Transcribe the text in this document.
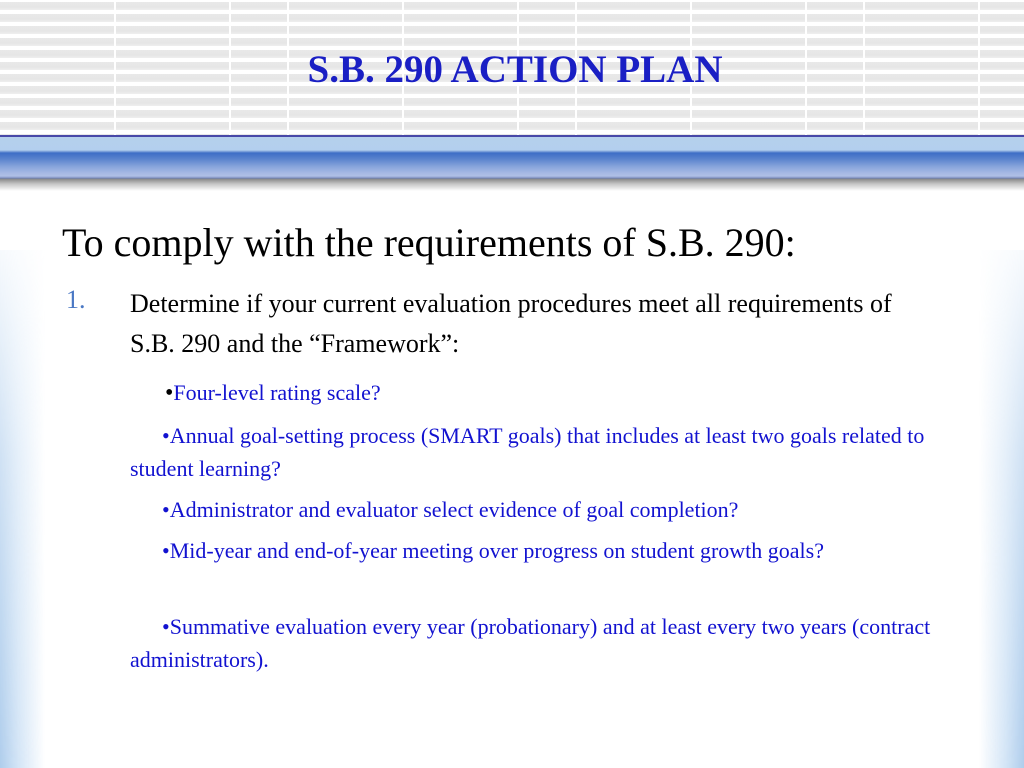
S.B. 290 ACTION PLAN

To comply with the requirements of S.B. 290:

1. Determine if your current evaluation procedures meet all requirements of S.B. 290 and the “Framework”:

•Four-level rating scale?

•Annual goal-setting process (SMART goals) that includes at least two goals related to student learning?

•Administrator and evaluator select evidence of goal completion?

•Mid-year and end-of-year meeting over progress on student growth goals?

•Summative evaluation every year (probationary) and at least every two years (contract administrators).
